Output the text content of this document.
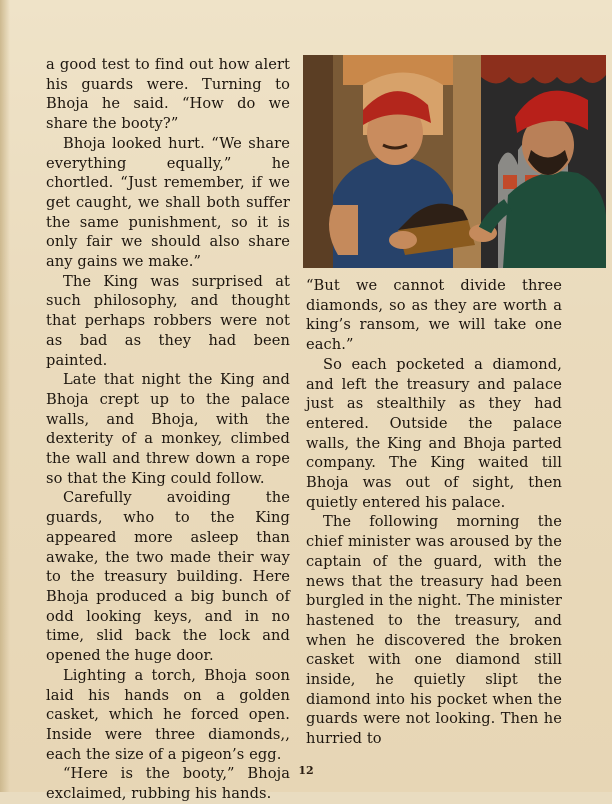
a good test to find out how alert his guards were. Turning to Bhoja he said. “How do we share the booty?”

Bhoja looked hurt. “We share everything equally,” he chortled. “Just remember, if we get caught, we shall both suffer the same punishment, so it is only fair we should also share any gains we make.”

The King was surprised at such philosophy, and thought that perhaps robbers were not as bad as they had been painted.

Late that night the King and Bhoja crept up to the palace walls, and Bhoja, with the dexterity of a monkey, climbed the wall and threw down a rope so that the King could follow.

Carefully avoiding the guards, who to the King appeared more asleep than awake, the two made their way to the treasury building. Here Bhoja produced a big bunch of odd looking keys, and in no time, slid back the lock and opened the huge door.

Lighting a torch, Bhoja soon laid his hands on a golden casket, which he forced open. Inside were three diamonds,, each the size of a pigeon’s egg.

“Here is the booty,” Bhoja exclaimed, rubbing his hands.

“But we cannot divide three diamonds, so as they are worth a king’s ransom, we will take one each.”

So each pocketed a diamond, and left the treasury and palace just as stealthily as they had entered. Outside the palace walls, the King and Bhoja parted company. The King waited till Bhoja was out of sight, then quietly entered his palace.

The following morning the chief minister was aroused by the captain of the guard, with the news that the treasury had been burgled in the night. The minister hastened to the treasury, and when he discovered the broken casket with one diamond still inside, he quietly slipt the diamond into his pocket when the guards were not looking. Then he hurried to

12
